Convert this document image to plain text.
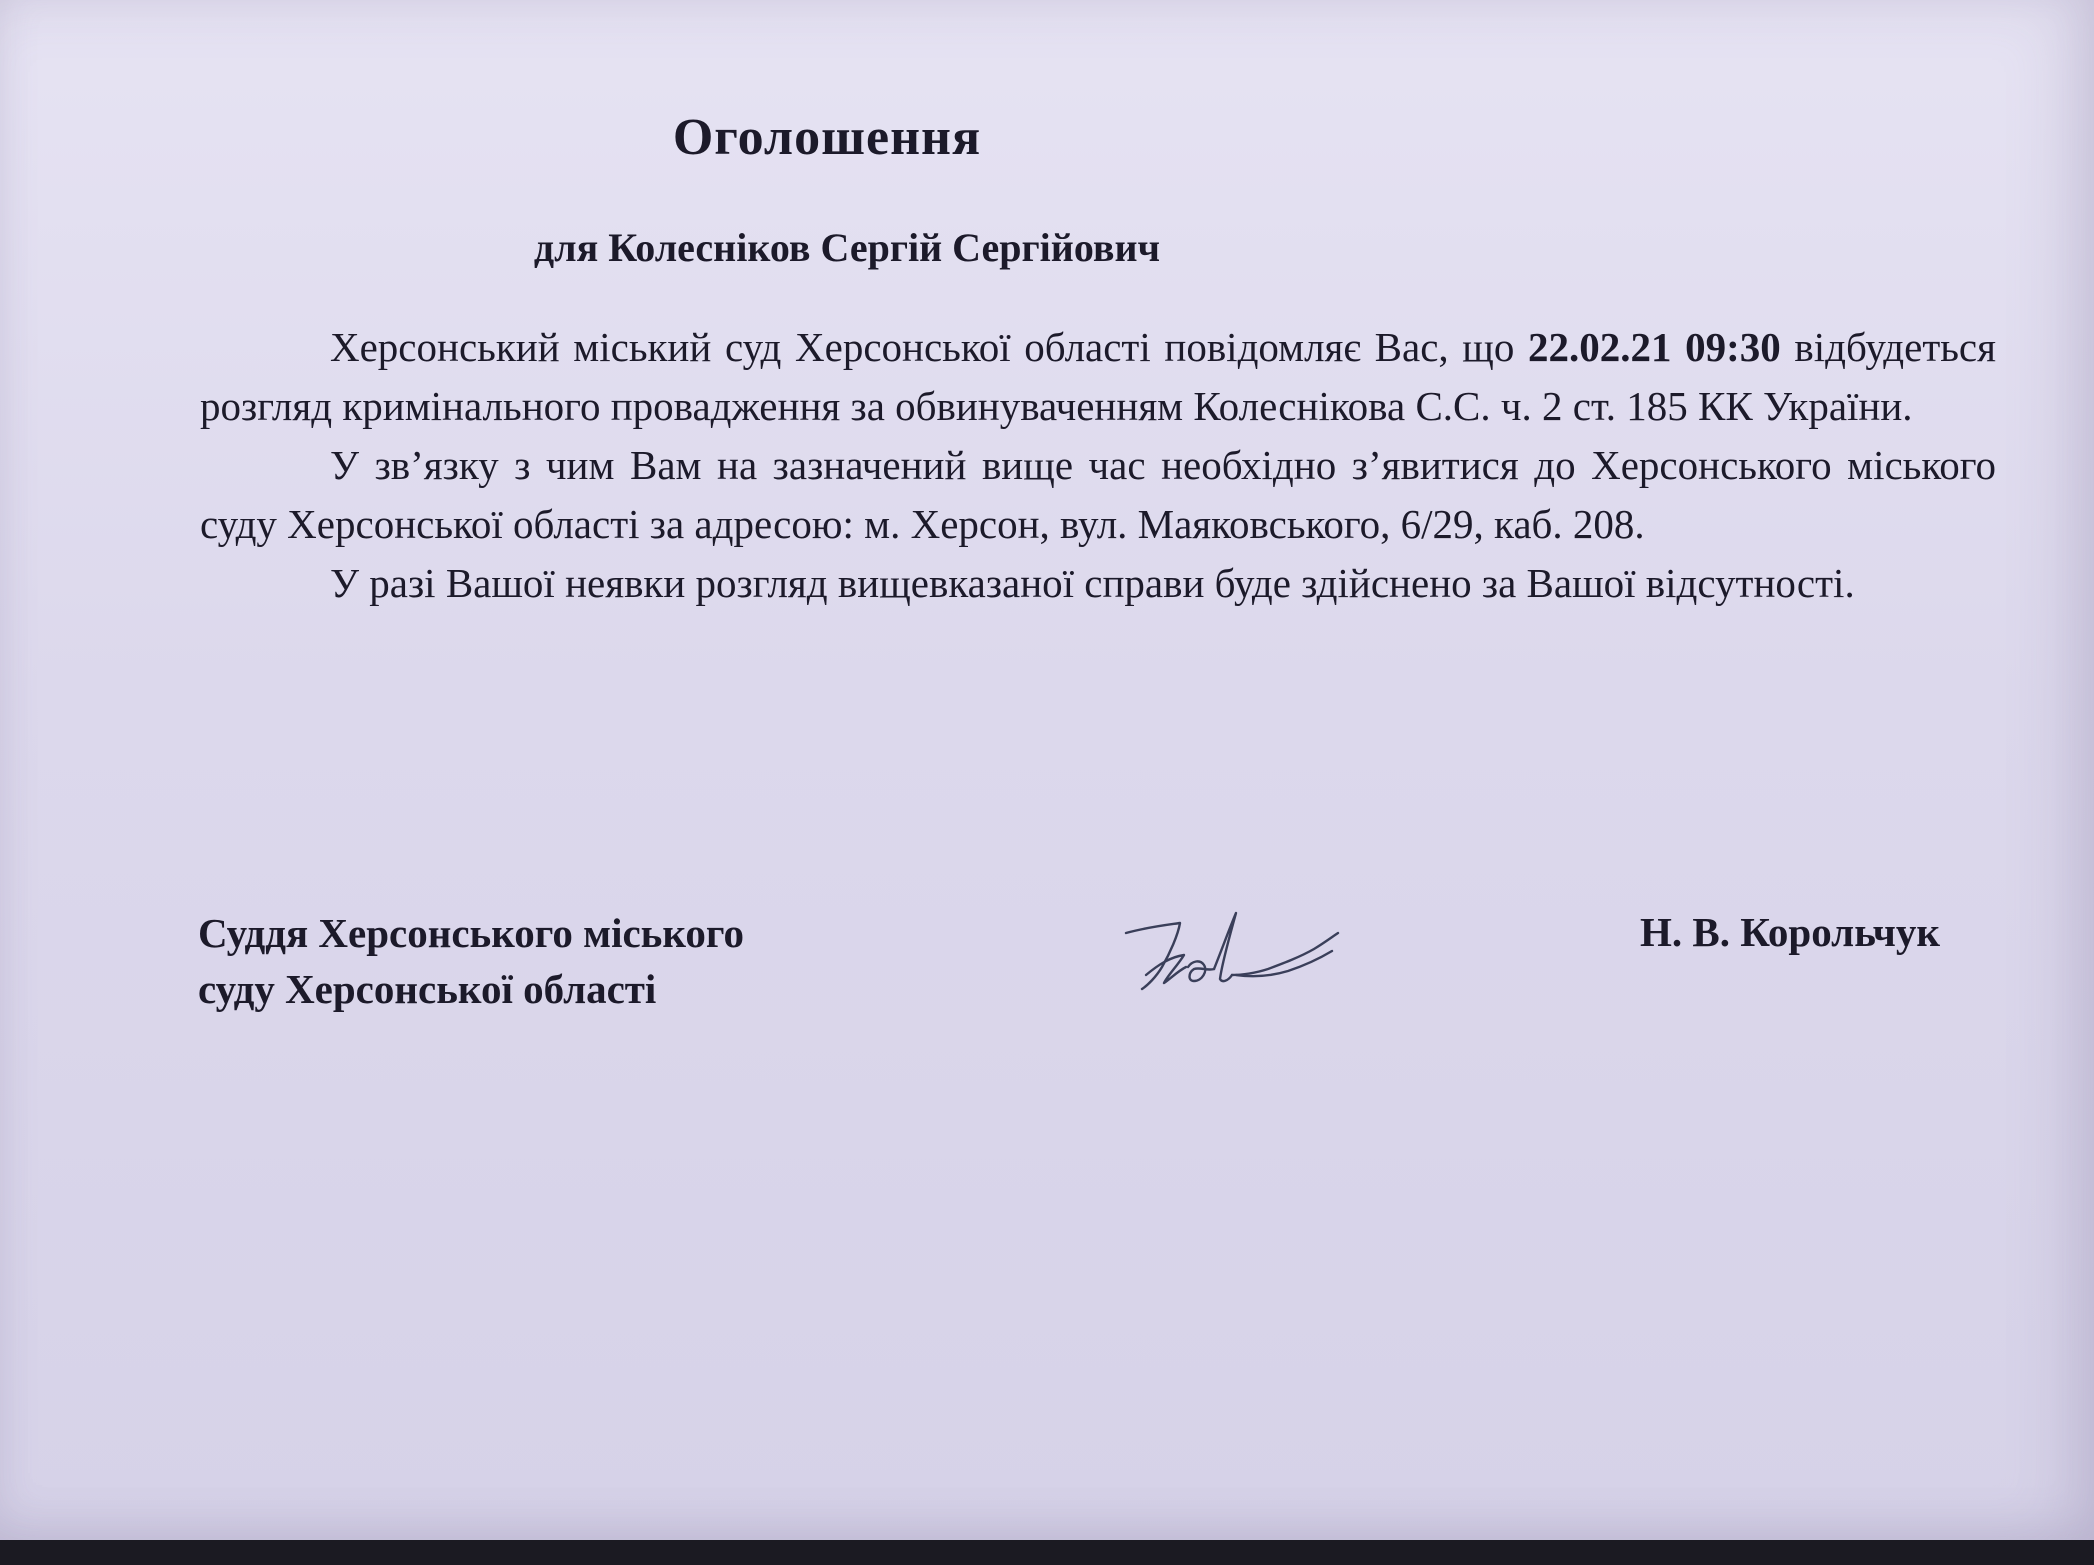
Оголошення
для Колесніков Сергій Сергійович

Херсонський міський суд Херсонської області повідомляє Вас, що 22.02.21 09:30 відбудеться розгляд кримінального провадження за обвинуваченням Колеснікова С.С. ч. 2 ст. 185 КК України.

У зв’язку з чим Вам на зазначений вище час необхідно з’явитися до Херсонського міського суду Херсонської області за адресою: м. Херсон, вул. Маяковського, 6/29, каб. 208.

У разі Вашої неявки розгляд вищевказаної справи буде здійснено за Вашої відсутності.

Суддя Херсонського міського
суду Херсонської області
Н. В. Корольчук
